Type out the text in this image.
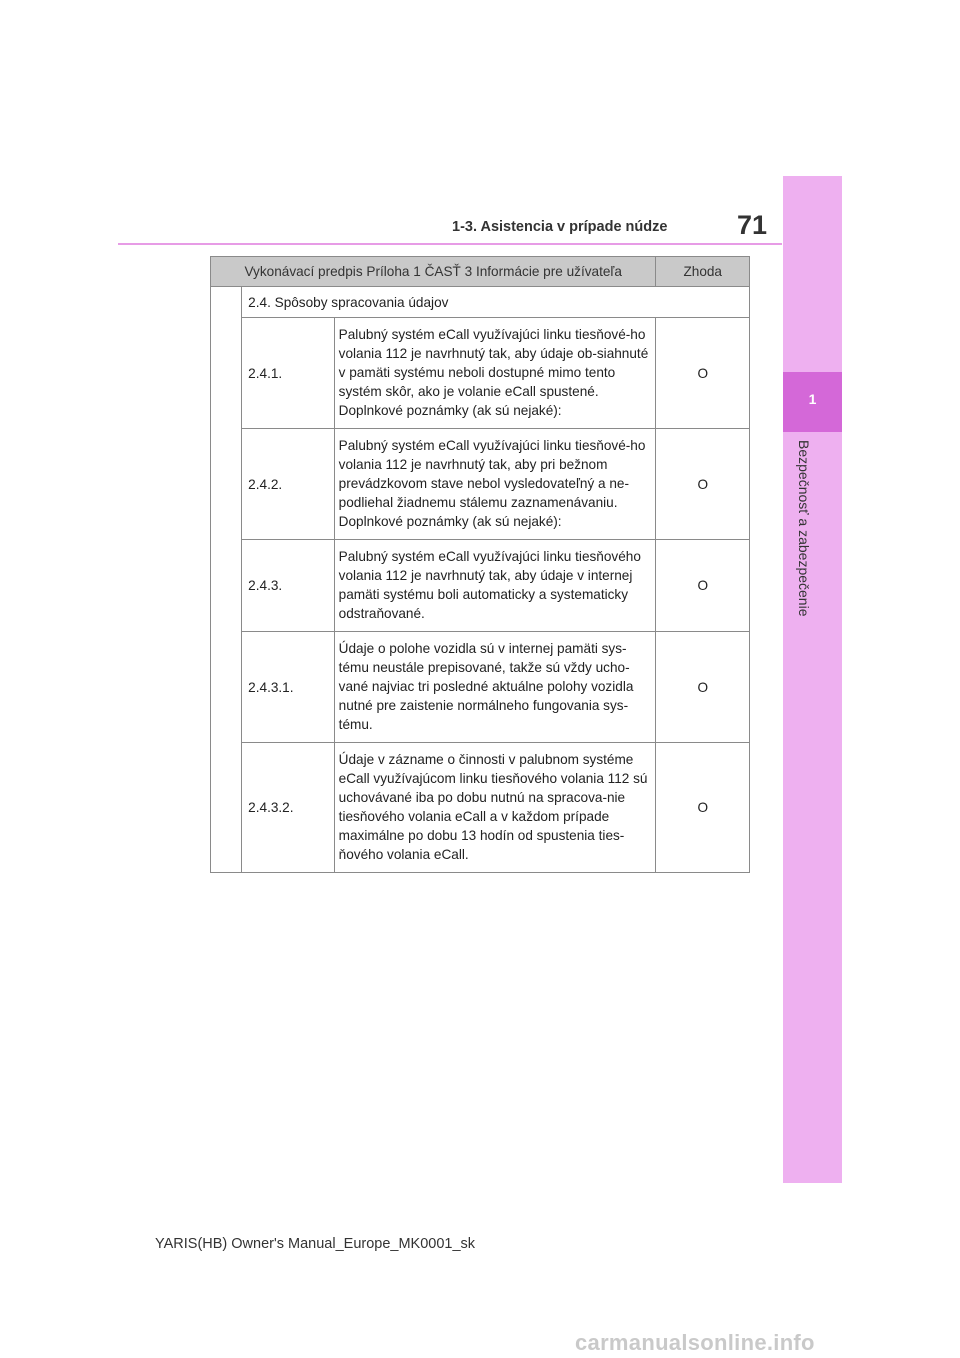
71
1-3. Asistencia v prípade núdze
1
Bezpečnosť a zabezpečenie
Vykonávací predpis Príloha 1 ČASŤ 3 Informácie pre užívateľa			Zhoda
	2.4. Spôsoby spracovania údajov		
	2.4.1.	Palubný systém eCall využívajúci linku tiesňové-ho volania 112 je navrhnutý tak, aby údaje ob-siahnuté v pamäti systému neboli dostupné mimo tento systém skôr, ako je volanie eCall spustené. Doplnkové poznámky (ak sú nejaké):	O
	2.4.2.	Palubný systém eCall využívajúci linku tiesňové-ho volania 112 je navrhnutý tak, aby pri bežnom prevádzkovom stave nebol vysledovateľný a ne-podliehal žiadnemu stálemu zaznamenávaniu. Doplnkové poznámky (ak sú nejaké):	O
	2.4.3.	Palubný systém eCall využívajúci linku tiesňového volania 112 je navrhnutý tak, aby údaje v internej pamäti systému boli automaticky a systematicky odstraňované.	O
	2.4.3.1.	Údaje o polohe vozidla sú v internej pamäti sys-tému neustále prepisované, takže sú vždy ucho-vané najviac tri posledné aktuálne polohy vozidla nutné pre zaistenie normálneho fungovania sys-tému.	O
	2.4.3.2.	Údaje v zázname o činnosti v palubnom systéme eCall využívajúcom linku tiesňového volania 112 sú uchovávané iba po dobu nutnú na spracova-nie tiesňového volania eCall a v každom prípade maximálne po dobu 13 hodín od spustenia ties-ňového volania eCall.	O
YARIS(HB) Owner's Manual_Europe_MK0001_sk
carmanualsonline.info
